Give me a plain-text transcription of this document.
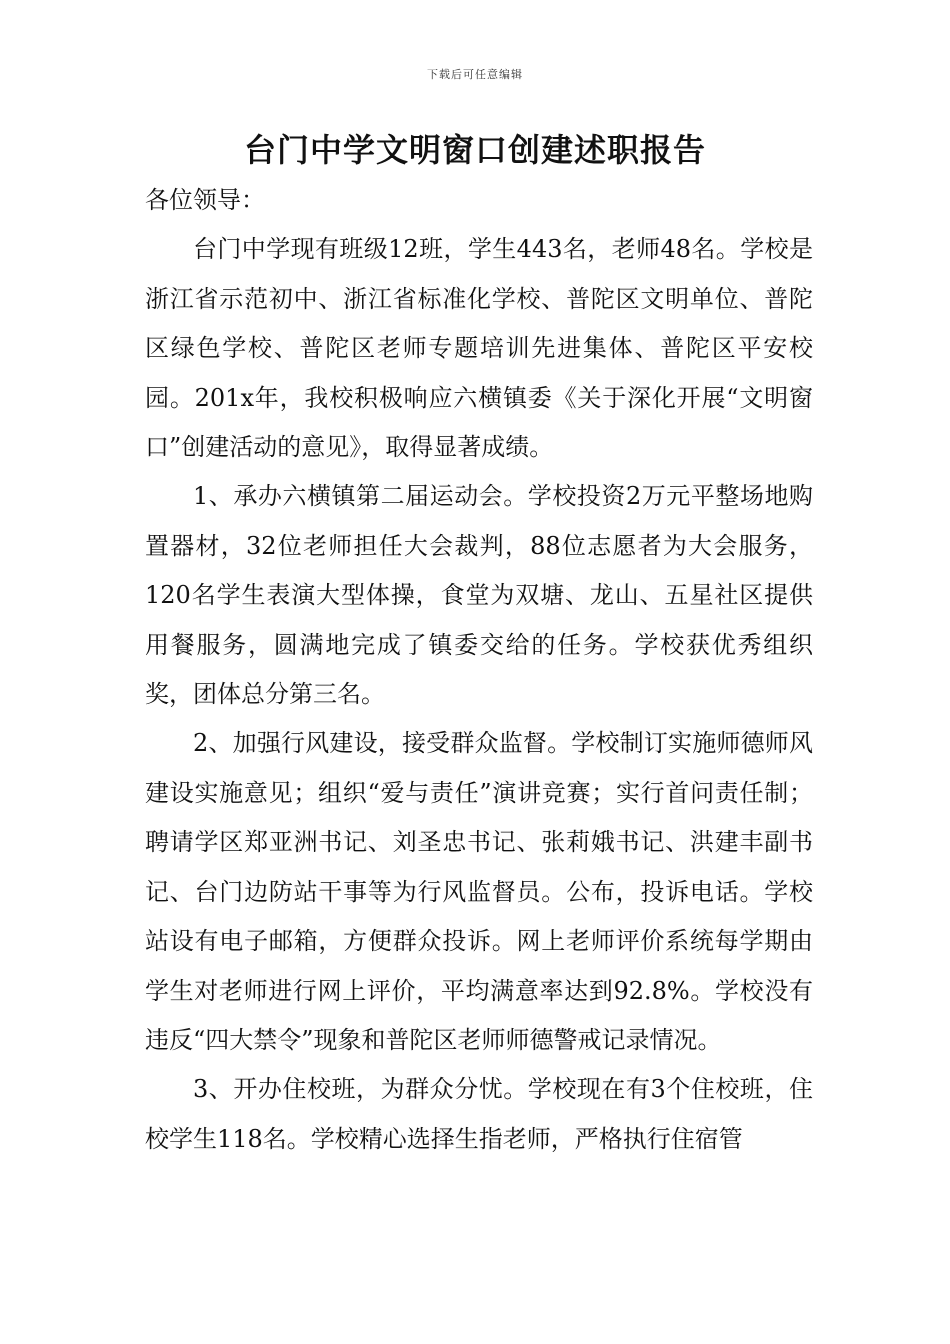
下载后可任意编辑
台门中学文明窗口创建述职报告

各位领导：

台门中学现有班级12班，学生443名，老师48名。学校是浙江省示范初中、浙江省标准化学校、普陀区文明单位、普陀区绿色学校、普陀区老师专题培训先进集体、普陀区平安校园。201x年，我校积极响应六横镇委《关于深化开展“文明窗口”创建活动的意见》，取得显著成绩。

1、承办六横镇第二届运动会。学校投资2万元平整场地购置器材，32位老师担任大会裁判，88位志愿者为大会服务，120名学生表演大型体操，食堂为双塘、龙山、五星社区提供用餐服务，圆满地完成了镇委交给的任务。学校获优秀组织奖，团体总分第三名。

2、加强行风建设，接受群众监督。学校制订实施师德师风建设实施意见；组织“爱与责任”演讲竞赛；实行首问责任制；聘请学区郑亚洲书记、刘圣忠书记、张莉娥书记、洪建丰副书记、台门边防站干事等为行风监督员。公布，投诉电话。学校站设有电子邮箱，方便群众投诉。网上老师评价系统每学期由学生对老师进行网上评价，平均满意率达到92.8%。学校没有违反“四大禁令”现象和普陀区老师师德警戒记录情况。

3、开办住校班，为群众分忧。学校现在有3个住校班，住校学生118名。学校精心选择生指老师，严格执行住宿管
